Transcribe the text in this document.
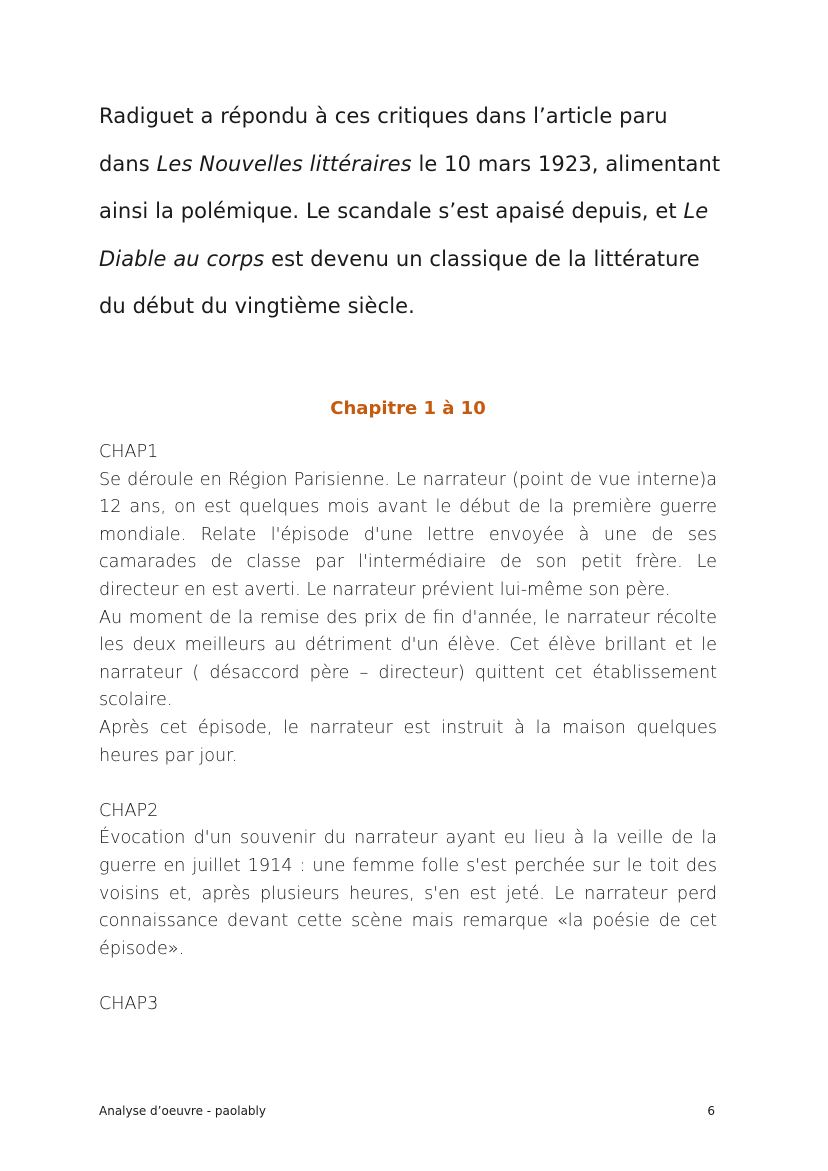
Radiguet a répondu à ces critiques dans l’article paru
dans Les Nouvelles littéraires le 10 mars 1923, alimentant
ainsi la polémique. Le scandale s’est apaisé depuis, et Le
Diable au corps est devenu un classique de la littérature
du début du vingtième siècle.
Chapitre 1 à 10
CHAP1

Se déroule en Région Parisienne. Le narrateur (point de vue interne)a 12 ans, on est quelques mois avant le début de la première guerre mondiale. Relate l'épisode d'une lettre envoyée à une de ses camarades de classe par l'intermédiaire de son petit frère. Le directeur en est averti. Le narrateur prévient lui-même son père.

Au moment de la remise des prix de fin d'année, le narrateur récolte les deux meilleurs au détriment d'un élève. Cet élève brillant et le narrateur ( désaccord père – directeur) quittent cet établissement scolaire.

Après cet épisode, le narrateur est instruit à la maison quelques heures par jour.

CHAP2

Évocation d'un souvenir du narrateur ayant eu lieu à la veille de la guerre en juillet 1914 : une femme folle s'est perchée sur le toit des voisins et, après plusieurs heures, s'en est jeté. Le narrateur perd connaissance devant cette scène mais remarque «la poésie de cet épisode».

CHAP3
Analyse d’oeuvre - paolably	6
